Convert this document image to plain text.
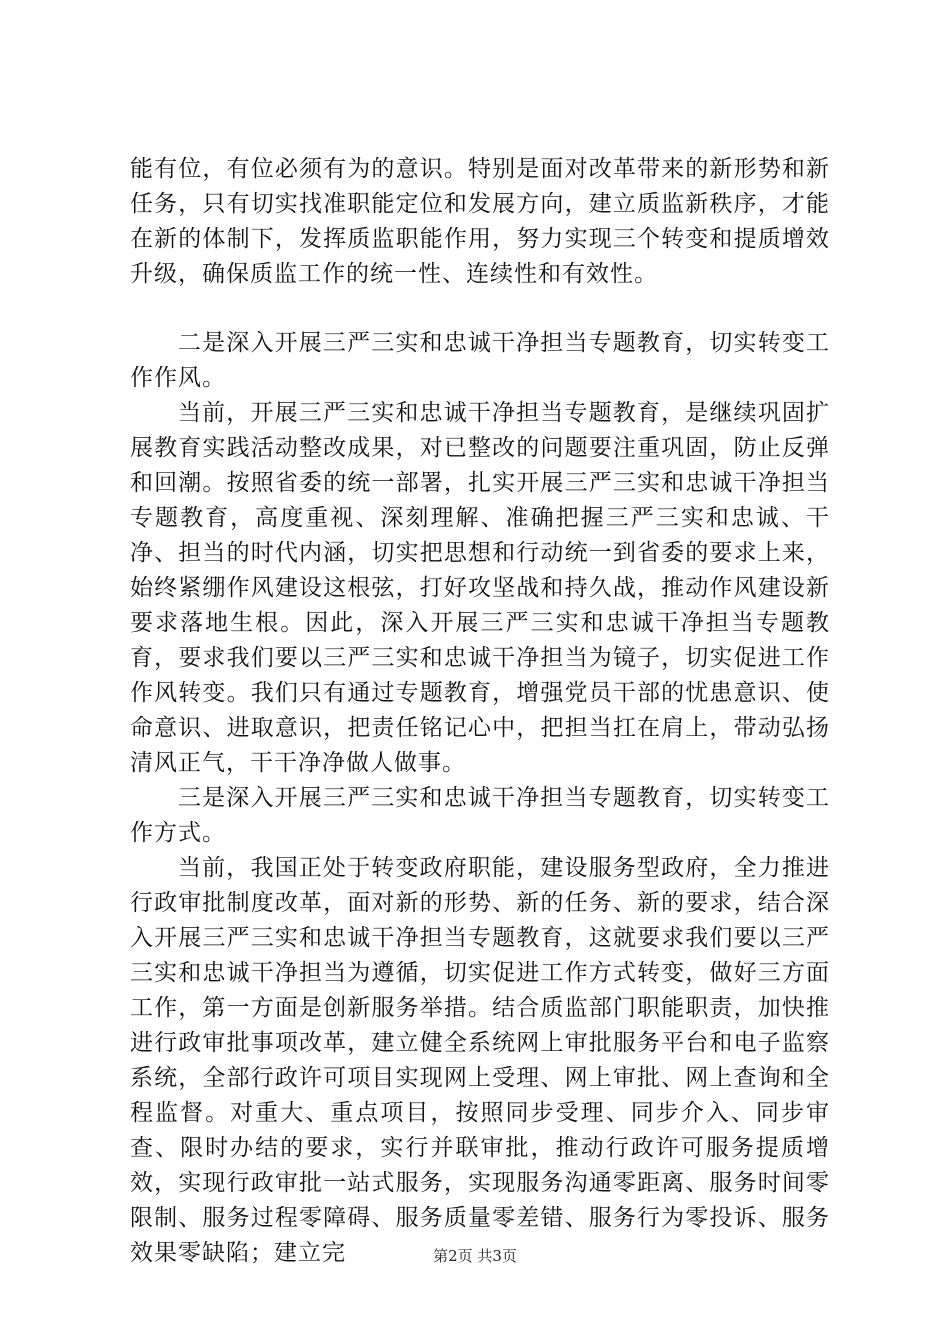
能有位，有位必须有为的意识。特别是面对改革带来的新形势和新任务，只有切实找准职能定位和发展方向，建立质监新秩序，才能在新的体制下，发挥质监职能作用，努力实现三个转变和提质增效升级，确保质监工作的统一性、连续性和有效性。

二是深入开展三严三实和忠诚干净担当专题教育，切实转变工作作风。

当前，开展三严三实和忠诚干净担当专题教育，是继续巩固扩展教育实践活动整改成果，对已整改的问题要注重巩固，防止反弹和回潮。按照省委的统一部署，扎实开展三严三实和忠诚干净担当专题教育，高度重视、深刻理解、准确把握三严三实和忠诚、干净、担当的时代内涵，切实把思想和行动统一到省委的要求上来，始终紧绷作风建设这根弦，打好攻坚战和持久战，推动作风建设新要求落地生根。因此，深入开展三严三实和忠诚干净担当专题教育，要求我们要以三严三实和忠诚干净担当为镜子，切实促进工作作风转变。我们只有通过专题教育，增强党员干部的忧患意识、使命意识、进取意识，把责任铭记心中，把担当扛在肩上，带动弘扬清风正气，干干净净做人做事。

三是深入开展三严三实和忠诚干净担当专题教育，切实转变工作方式。

当前，我国正处于转变政府职能，建设服务型政府，全力推进行政审批制度改革，面对新的形势、新的任务、新的要求，结合深入开展三严三实和忠诚干净担当专题教育，这就要求我们要以三严三实和忠诚干净担当为遵循，切实促进工作方式转变，做好三方面工作，第一方面是创新服务举措。结合质监部门职能职责，加快推进行政审批事项改革，建立健全系统网上审批服务平台和电子监察系统，全部行政许可项目实现网上受理、网上审批、网上查询和全程监督。对重大、重点项目，按照同步受理、同步介入、同步审查、限时办结的要求，实行并联审批，推动行政许可服务提质增效，实现行政审批一站式服务，实现服务沟通零距离、服务时间零限制、服务过程零障碍、服务质量零差错、服务行为零投诉、服务效果零缺陷；建立完	第2页 共3页
